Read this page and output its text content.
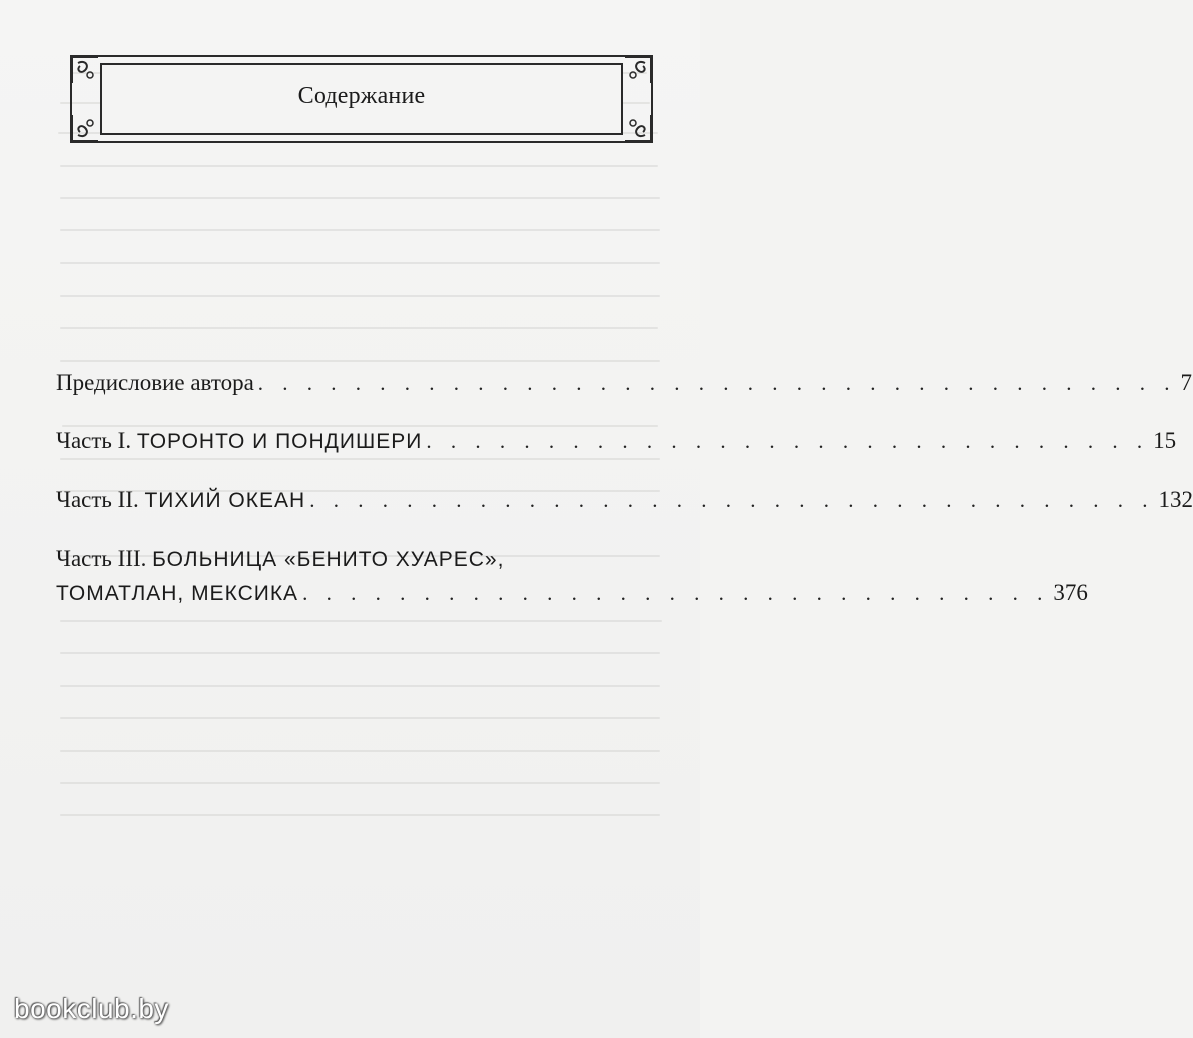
Содержание
Предисловие автора . . . . . . . . . . . . . . . . . . . . . . . . . . . . . . . . . . . . . . 7
Часть I. ТОРОНТО И ПОНДИШЕРИ . . . . . . . . . . . . . . . . . . . . . . . . . . . . . . 15
Часть II. ТИХИЙ ОКЕАН . . . . . . . . . . . . . . . . . . . . . . . . . . . . . . . . . . . 132
Часть III. БОЛЬНИЦА «БЕНИТО ХУАРЕС»,
ТОМАТЛАН, МЕКСИКА . . . . . . . . . . . . . . . . . . . . . . . . . . . . . . . 376
bookclub.by
